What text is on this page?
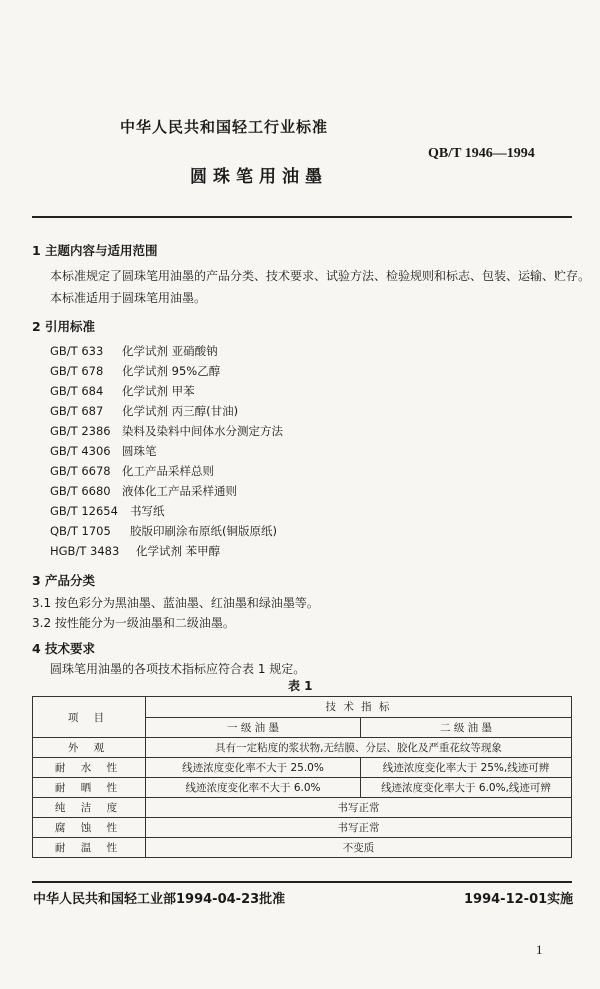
中华人民共和国轻工行业标准
QB/T 1946—1994
圆珠笔用油墨
1 主题内容与适用范围
本标准规定了圆珠笔用油墨的产品分类、技术要求、试验方法、检验规则和标志、包装、运输、贮存。
本标准适用于圆珠笔用油墨。
2 引用标准
GB/T 633 化学试剂 亚硝酸钠
GB/T 678 化学试剂 95%乙醇
GB/T 684 化学试剂 甲苯
GB/T 687 化学试剂 丙三醇(甘油)
GB/T 2386 染料及染料中间体水分测定方法
GB/T 4306 圆珠笔
GB/T 6678 化工产品采样总则
GB/T 6680 液体化工产品采样通则
GB/T 12654 书写纸
QB/T 1705 胶版印刷涂布原纸(铜版原纸)
HGB/T 3483 化学试剂 苯甲醇
3 产品分类
3.1 按色彩分为黑油墨、蓝油墨、红油墨和绿油墨等。
3.2 按性能分为一级油墨和二级油墨。
4 技术要求
圆珠笔用油墨的各项技术指标应符合表 1 规定。
表 1
项 目	技 术 指 标	
	一 级 油 墨	二 级 油 墨
外 观	具有一定粘度的浆状物,无结膜、分层、胶化及严重花纹等现象	
耐 水 性	线迹浓度变化率不大于 25.0%	线迹浓度变化率大于 25%,线迹可辨
耐 晒 性	线迹浓度变化率不大于 6.0%	线迹浓度变化率大于 6.0%,线迹可辨
纯 洁 度	书写正常	
腐 蚀 性	书写正常	
耐 温 性	不变质	
中华人民共和国轻工业部1994-04-23批准	1994-12-01实施
1
